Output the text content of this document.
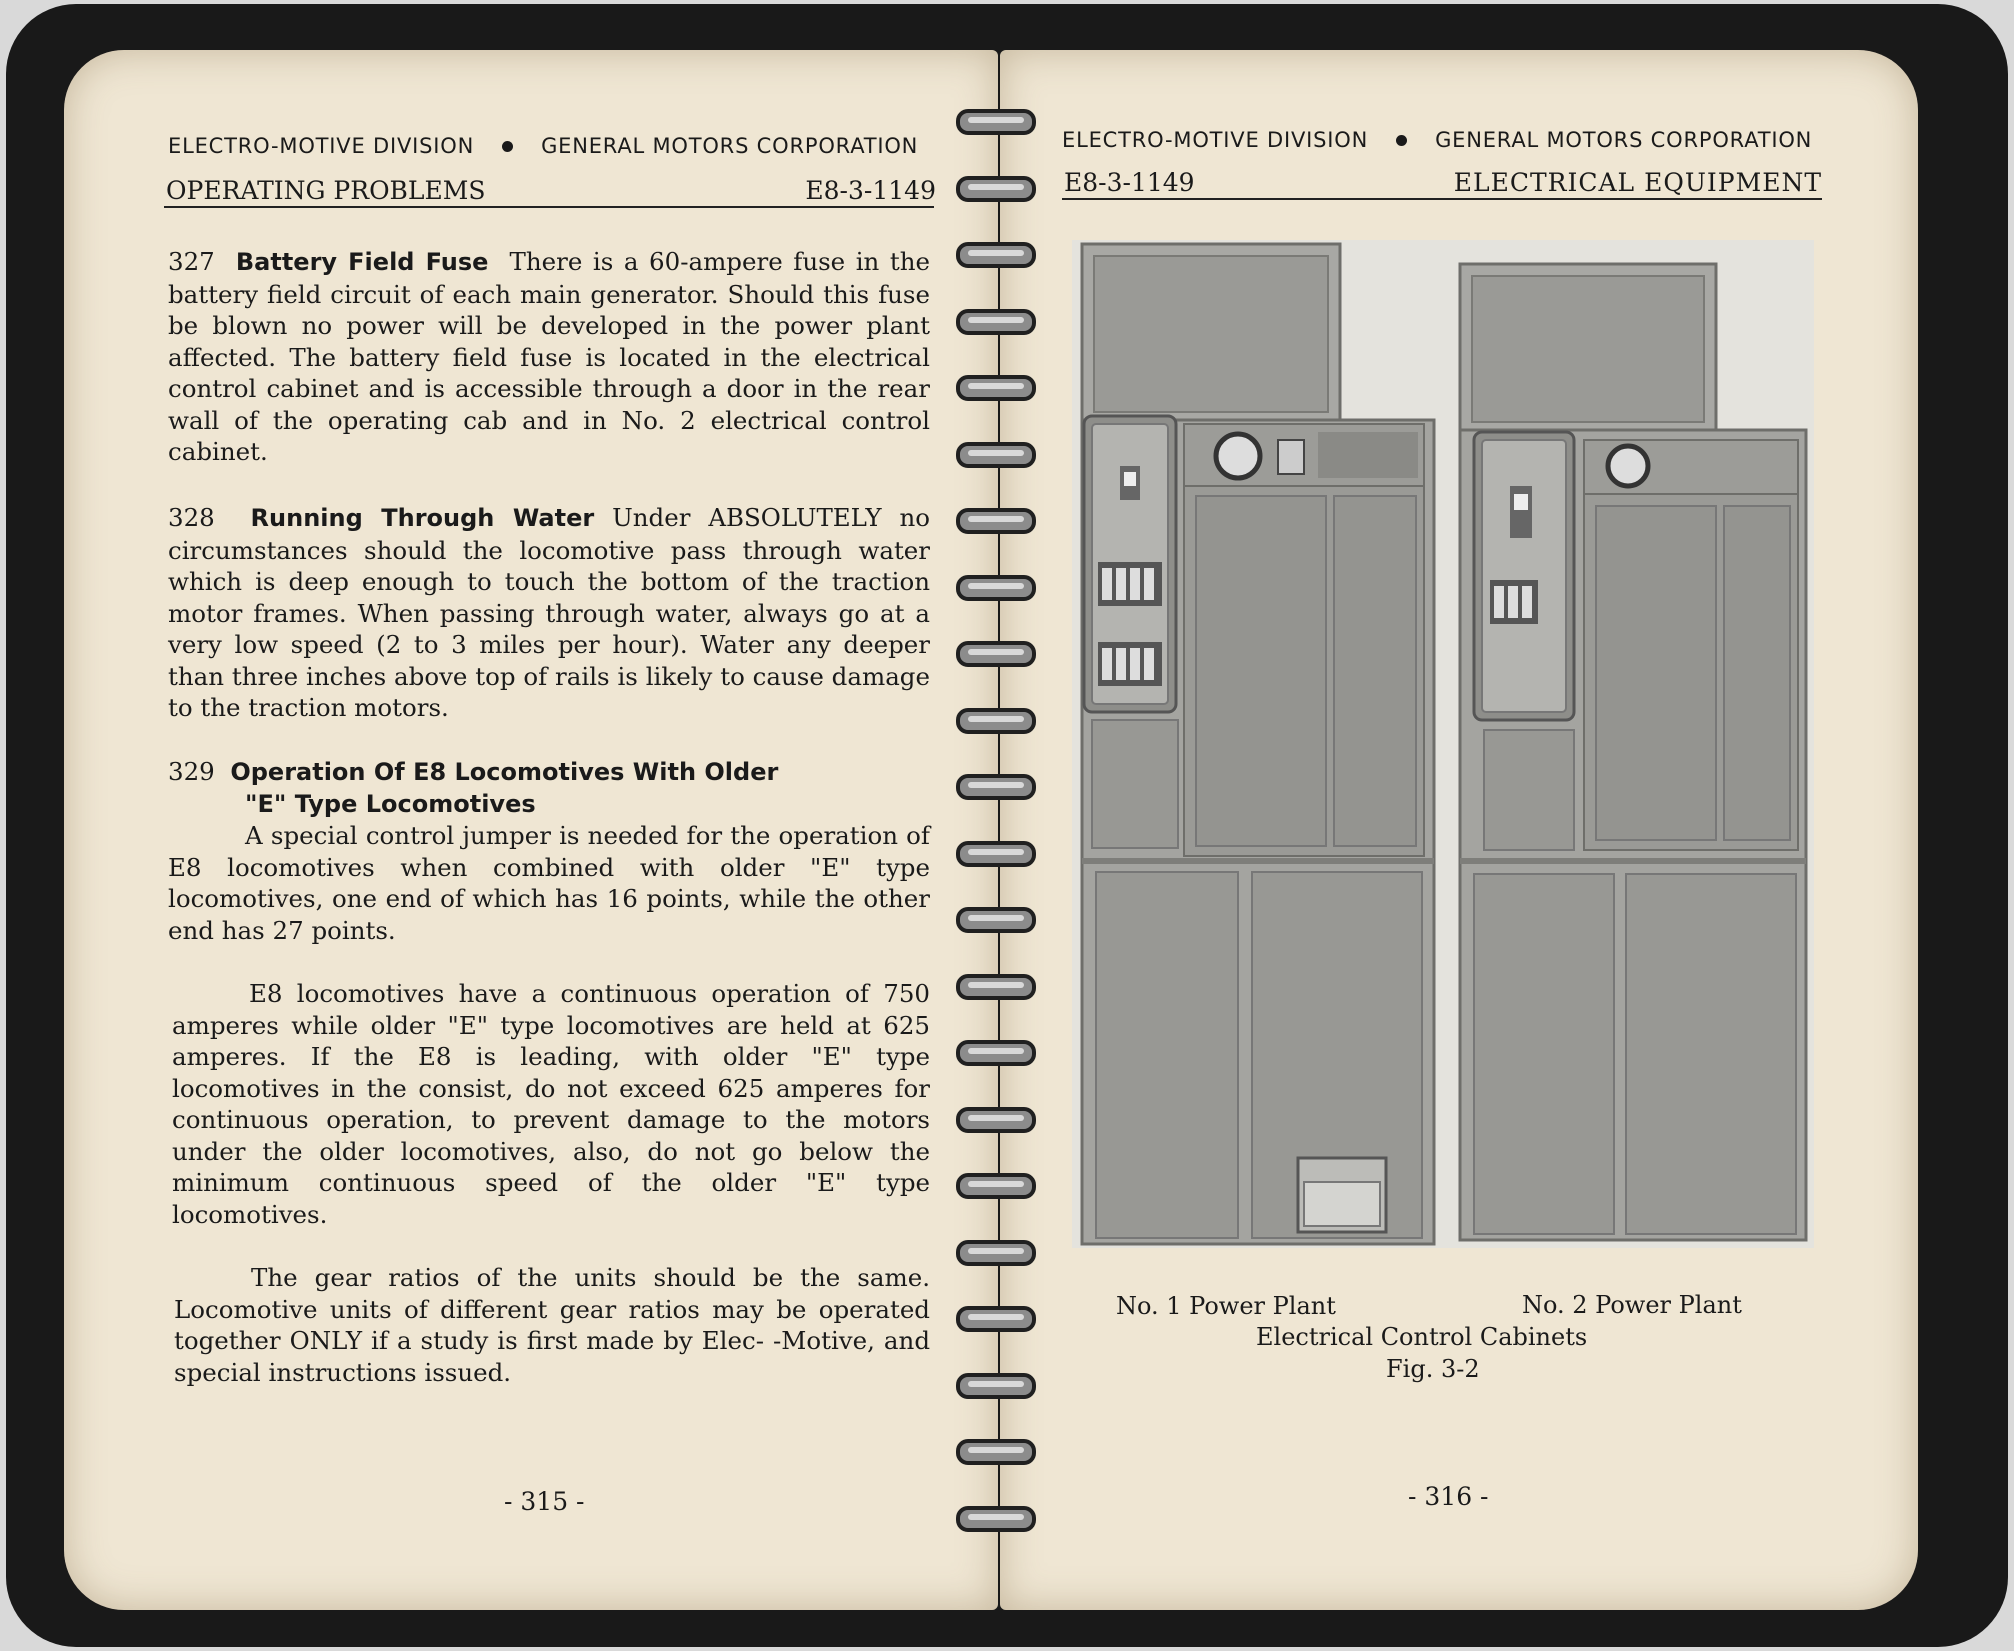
ELECTRO-MOTIVE DIVISION	GENERAL MOTORS CORPORATION
OPERATING PROBLEMS	E8-3-1149
327 Battery Field Fuse There is a 60-ampere fuse in the battery field circuit of each main generator. Should this fuse be blown no power will be developed in the power plant affected. The battery field fuse is located in the electrical control cabinet and is accessible through a door in the rear wall of the operating cab and in No. 2 electrical control cabinet.
328 Running Through Water Under ABSOLUTELY no circumstances should the locomotive pass through water which is deep enough to touch the bottom of the traction motor frames. When passing through water, always go at a very low speed (2 to 3 miles per hour). Water any deeper than three inches above top of rails is likely to cause damage to the traction motors.
329 Operation Of E8 Locomotives With Older

"E" Type Locomotives
A special control jumper is needed for the operation of E8 locomotives when combined with older "E" type locomotives, one end of which has 16 points, while the other end has 27 points.
E8 locomotives have a continuous operation of 750 amperes while older "E" type locomotives are held at 625 amperes. If the E8 is leading, with older "E" type locomotives in the consist, do not exceed 625 amperes for continuous operation, to prevent damage to the motors under the older locomotives, also, do not go below the minimum continuous speed of the older "E" type locomotives.
The gear ratios of the units should be the same. Locomotive units of different gear ratios may be operated together ONLY if a study is first made by Elec- -Motive, and special instructions issued.
- 315 -
ELECTRO-MOTIVE DIVISION	GENERAL MOTORS CORPORATION
E8-3-1149	ELECTRICAL EQUIPMENT
No. 1 Power Plant	No. 2 Power Plant
Electrical Control Cabinets
Fig. 3-2
- 316 -
